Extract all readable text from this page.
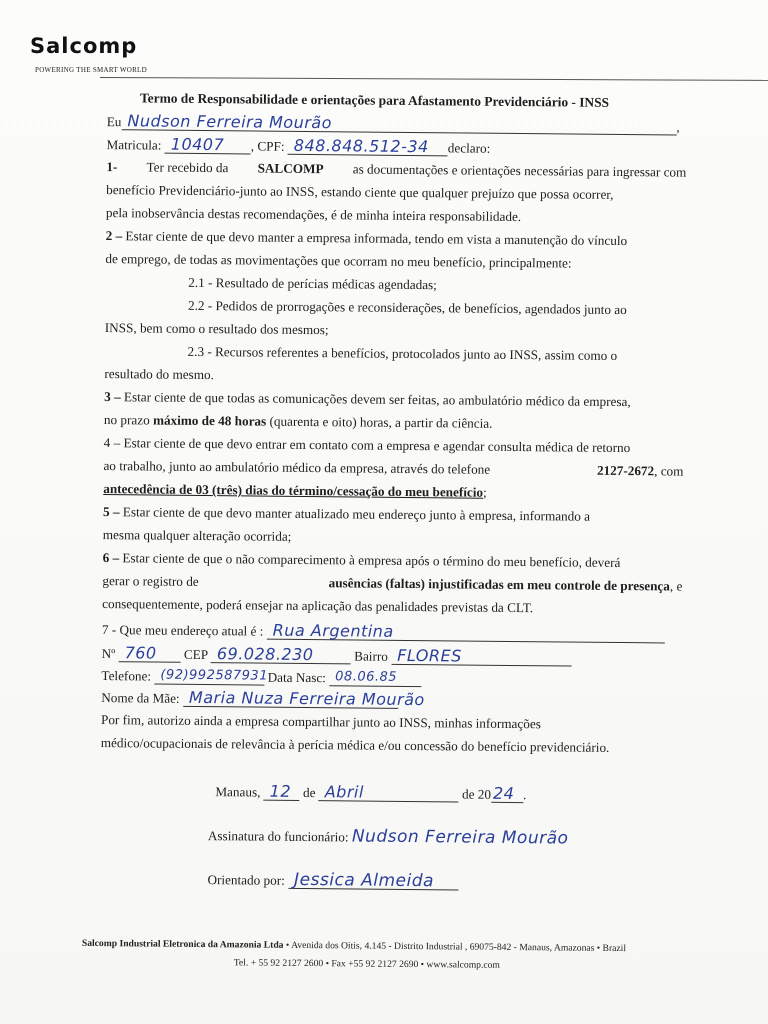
Salcomp
POWERING THE SMART WORLD
Termo de Responsabilidade e orientações para Afastamento Previdenciário - INSS
Eu Nudson Ferreira Mourão	,
Matricula: 10407 , CPF: 848.848.512-34 declaro:
1- Ter recebido da SALCOMP as documentações e orientações necessárias para ingressar com
benefício Previdenciário-junto ao INSS, estando ciente que qualquer prejuízo que possa ocorrer,
pela inobservância destas recomendações, é de minha inteira responsabilidade.
2 – Estar ciente de que devo manter a empresa informada, tendo em vista a manutenção do vínculo
de emprego, de todas as movimentações que ocorram no meu benefício, principalmente:
2.1 - Resultado de perícias médicas agendadas;
2.2 - Pedidos de prorrogações e reconsiderações, de benefícios, agendados junto ao
INSS, bem como o resultado dos mesmos;
2.3 - Recursos referentes a benefícios, protocolados junto ao INSS, assim como o
resultado do mesmo.
3 – Estar ciente de que todas as comunicações devem ser feitas, ao ambulatório médico da empresa,
no prazo máximo de 48 horas (quarenta e oito) horas, a partir da ciência.
4 – Estar ciente de que devo entrar em contato com a empresa e agendar consulta médica de retorno
ao trabalho, junto ao ambulatório médico da empresa, através do telefone	2127-2672, com
antecedência de 03 (três) dias do término/cessação do meu benefício;
5 – Estar ciente de que devo manter atualizado meu endereço junto à empresa, informando a
mesma qualquer alteração ocorrida;
6 – Estar ciente de que o não comparecimento à empresa após o término do meu benefício, deverá
gerar o registro de	ausências (faltas) injustificadas em meu controle de presença, e
consequentemente, poderá ensejar na aplicação das penalidades previstas da CLT.
7 - Que meu endereço atual é : Rua Argentina
Nº 760 CEP 69.028.230	Bairro FLORES
Telefone: (92)992587931 Data Nasc: 08.06.85
Nome da Mãe: Maria Nuza Ferreira Mourão
Por fim, autorizo ainda a empresa compartilhar junto ao INSS, minhas informações
médico/ocupacionais de relevância à perícia médica e/ou concessão do benefício previdenciário.
Manaus, 12 de Abril	de 20 24 .
Assinatura do funcionário: Nudson Ferreira Mourão
Orientado por: Jessica Almeida
Salcomp Industrial Eletronica da Amazonia Ltda • Avenida dos Oitis, 4.145 - Distrito Industrial , 69075-842 - Manaus, Amazonas • Brazil
Tel. + 55 92 2127 2600 • Fax +55 92 2127 2690 • www.salcomp.com
